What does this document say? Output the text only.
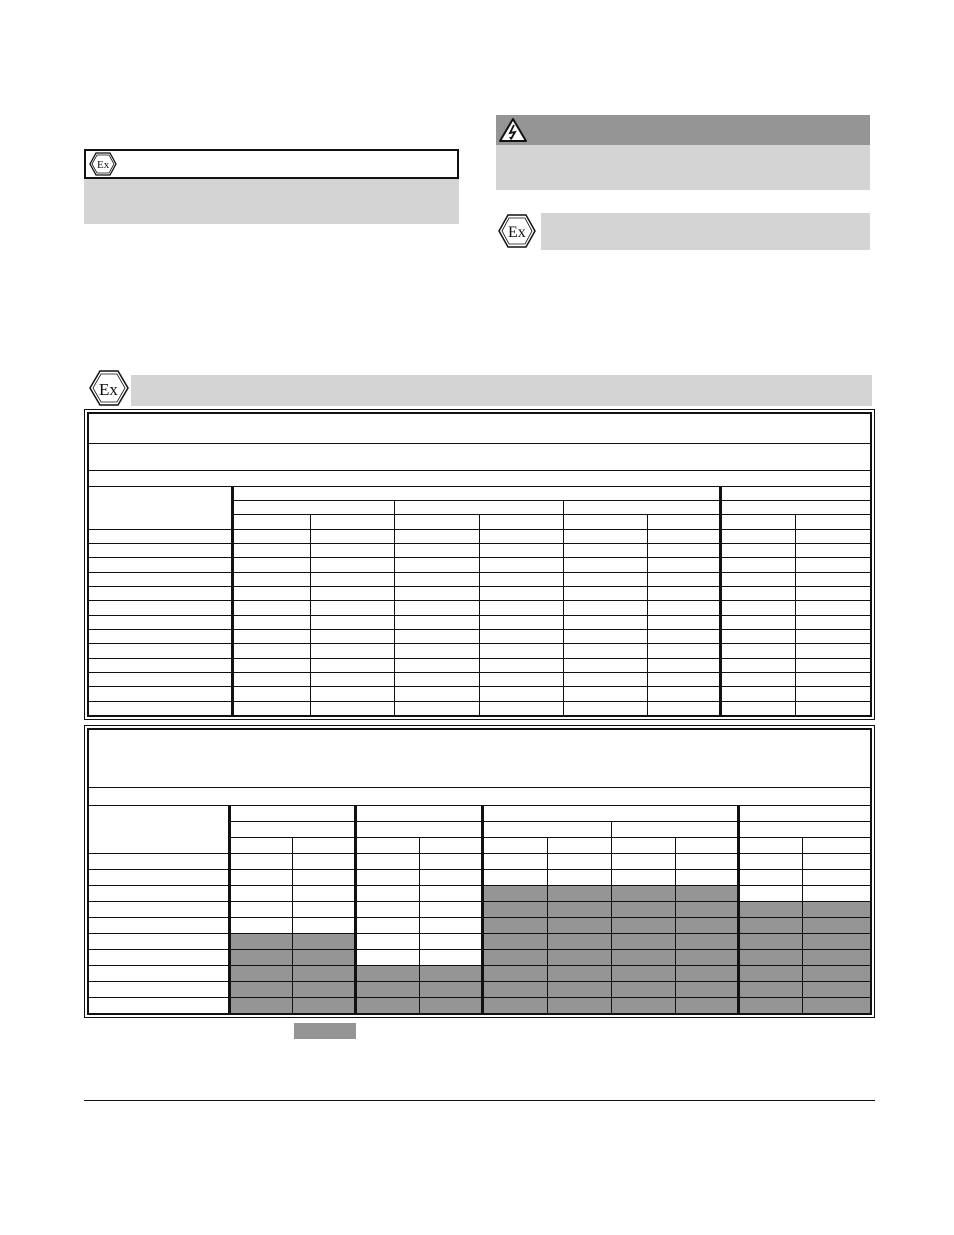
Ex
Ex
Ex
